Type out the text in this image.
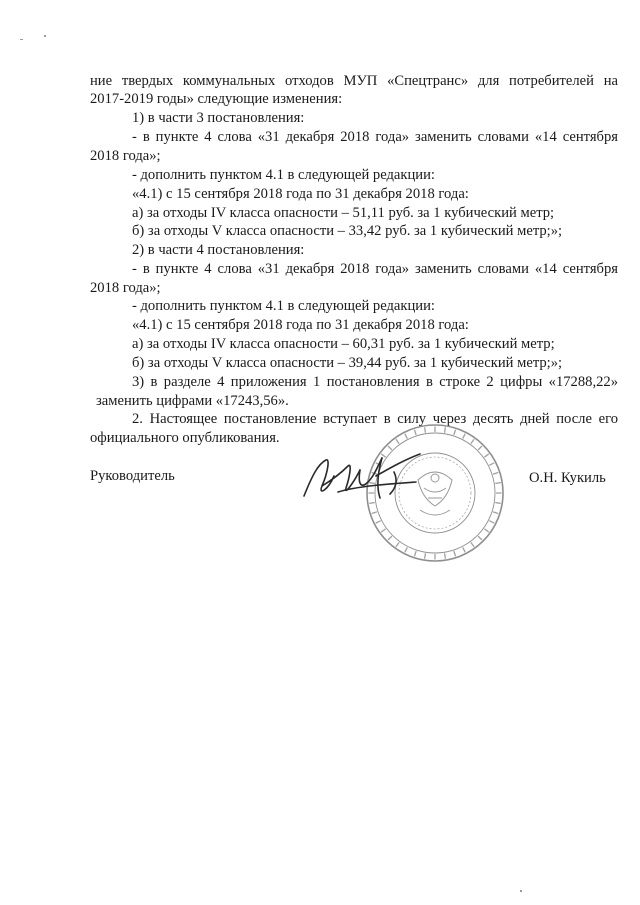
ние твердых коммунальных отходов МУП «Спецтранс» для потребителей на
2017-2019 годы» следующие изменения:
1) в части 3 постановления:
- в пункте 4 слова «31 декабря 2018 года» заменить словами «14 сентября
2018 года»;
- дополнить пунктом 4.1 в следующей редакции:
«4.1) с 15 сентября 2018 года по 31 декабря 2018 года:
а) за отходы IV класса опасности – 51,11 руб. за 1 кубический метр;
б) за отходы V класса опасности – 33,42 руб. за 1 кубический метр;»;
2) в части 4 постановления:
- в пункте 4 слова «31 декабря 2018 года» заменить словами «14 сентября
2018 года»;
- дополнить пунктом 4.1 в следующей редакции:
«4.1) с 15 сентября 2018 года по 31 декабря 2018 года:
а) за отходы IV класса опасности – 60,31 руб. за 1 кубический метр;
б) за отходы V класса опасности – 39,44 руб. за 1 кубический метр;»;
3) в разделе 4 приложения 1 постановления в строке 2 цифры «17288,22»
заменить цифрами «17243,56».
2. Настоящее постановление вступает в силу через десять дней после его
официального опубликования.
Руководитель	О.Н. Кукиль
